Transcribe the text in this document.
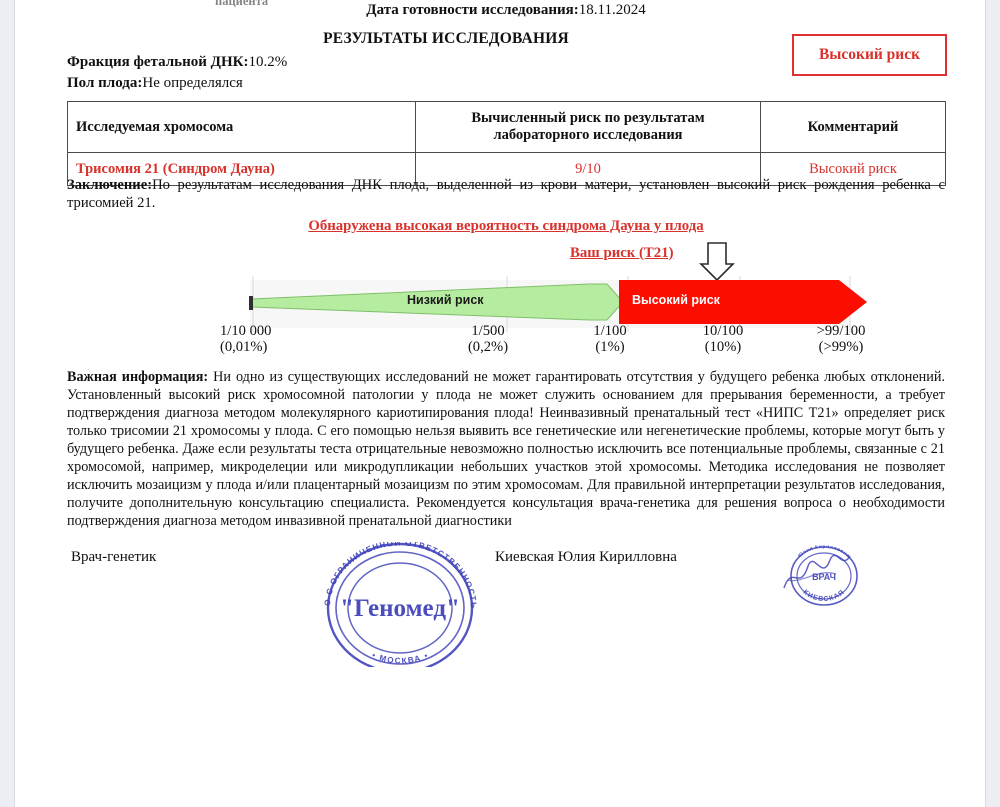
пациента
Дата готовности исследования:18.11.2024
РЕЗУЛЬТАТЫ ИССЛЕДОВАНИЯ
Высокий риск
Фракция фетальной ДНК:10.2%
Пол плода:Не определялся
Исследуемая хромосома	Вычисленный риск по результатам лабораторного исследования	Комментарий
Трисомия 21 (Синдром Дауна)	9/10	Высокий риск
Заключение:По результатам исследования ДНК плода, выделенной из крови матери, установлен высокий риск рождения ребенка с трисомией 21.
Обнаружена высокая вероятность синдрома Дауна у плода
Ваш риск (Т21)
Низкий риск	Высокий риск
1/10 000
(0,01%)
1/500
(0,2%)
1/100
(1%)
10/100
(10%)
>99/100
(>99%)
Важная информация: Ни одно из существующих исследований не может гарантировать отсутствия у будущего ребенка любых отклонений. Установленный высокий риск хромосомной патологии у плода не может служить основанием для прерывания беременности, а требует подтверждения диагноза методом молекулярного кариотипирования плода! Неинвазивный пренатальный тест «НИПС Т21» определяет риск только трисомии 21 хромосомы у плода. С его помощью нельзя выявить все генетические или негенетические проблемы, которые могут быть у будущего ребенка. Даже если результаты теста отрицательные невозможно полностью исключить все потенциальные проблемы, связанные с 21 хромосомой, например, микроделеции или микродупликации небольших участков этой хромосомы. Методика исследования не позволяет исключить мозаицизм у плода и/или плацентарный мозаицизм по этим хромосомам. Для правильной интерпретации результатов исследования, получите дополнительную консультацию специалиста. Рекомендуется консультация врача-генетика для решения вопроса о необходимости подтверждения диагноза методом инвазивной пренатальной диагностики
Врач-генетик	Киевская Юлия Кирилловна
О С ОГРАНИЧЕННОЙ ОТВЕТСТВЕННОСТЬ
• МОСКВА •
"Геномед"
Юлия Кирилловна
КИЕВСКАЯ
ВРАЧ
